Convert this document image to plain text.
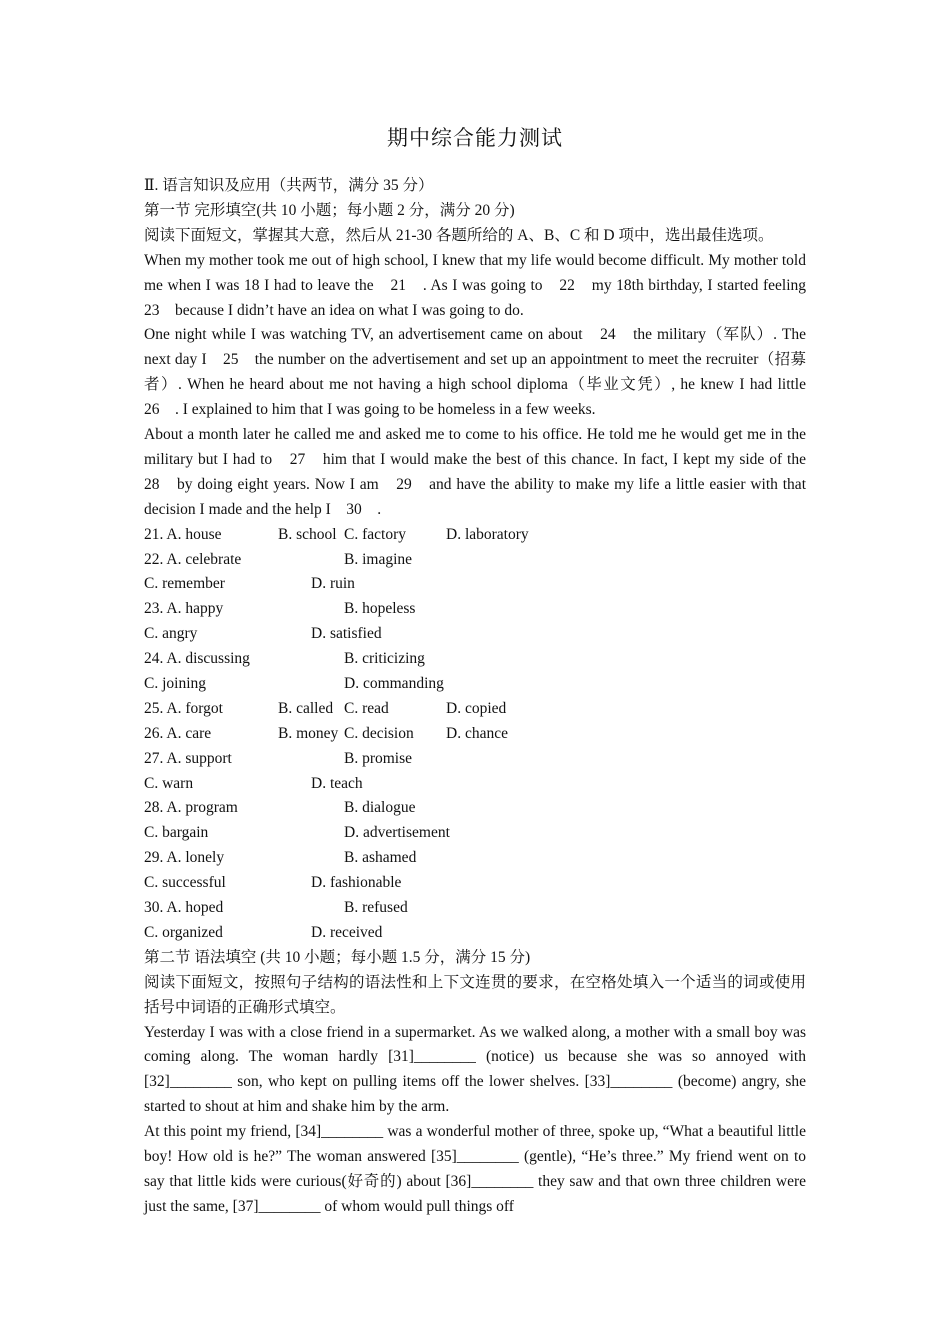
期中综合能力测试
Ⅱ. 语言知识及应用（共两节，满分 35 分）
第一节 完形填空(共 10 小题；每小题 2 分，满分 20 分)
阅读下面短文，掌握其大意，然后从 21-30 各题所给的 A、B、C 和 D 项中，选出最佳选项。
When my mother took me out of high school, I knew that my life would become difficult. My mother told me when I was 18 I had to leave the　21　. As I was going to　22　my 18th birthday, I started feeling　23　because I didn’t have an idea on what I was going to do.
One night while I was watching TV, an advertisement came on about　24　the military（军队）. The next day I　25　the number on the advertisement and set up an appointment to meet the recruiter（招募者）. When he heard about me not having a high school diploma（毕业文凭）, he knew I had little　26　. I explained to him that I was going to be homeless in a few weeks.
About a month later he called me and asked me to come to his office. He told me he would get me in the military but I had to　27　him that I would make the best of this chance. In fact, I kept my side of the　28　by doing eight years. Now I am　29　and have the ability to make my life a little easier with that decision I made and the help I　30　.
21. A. house	B. school C. factory	D. laboratory
22. A. celebrate	B. imagine
C. remember	D. ruin
23. A. happy	B. hopeless
C. angry	D. satisfied
24. A. discussing	B. criticizing
C. joining	D. commanding
25. A. forgot	B. called C. read	D. copied
26. A. care	B. money C. decision D. chance
27. A. support	B. promise
C. warn	D. teach
28. A. program	B. dialogue
C. bargain	D. advertisement
29. A. lonely	B. ashamed
C. successful	D. fashionable
30. A. hoped	B. refused
C. organized	D. received
第二节 语法填空 (共 10 小题；每小题 1.5 分，满分 15 分)
阅读下面短文，按照句子结构的语法性和上下文连贯的要求，在空格处填入一个适当的词或使用括号中词语的正确形式填空。
Yesterday I was with a close friend in a supermarket. As we walked along, a mother with a small boy was coming along. The woman hardly [31]________ (notice) us because she was so annoyed with [32]________ son, who kept on pulling items off the lower shelves. [33]________ (become) angry, she started to shout at him and shake him by the arm.
At this point my friend, [34]________ was a wonderful mother of three, spoke up, “What a beautiful little boy! How old is he?” The woman answered [35]________ (gentle), “He’s three.” My friend went on to say that little kids were curious(好奇的) about [36]________ they saw and that own three children were just the same, [37]________ of whom would pull things off
